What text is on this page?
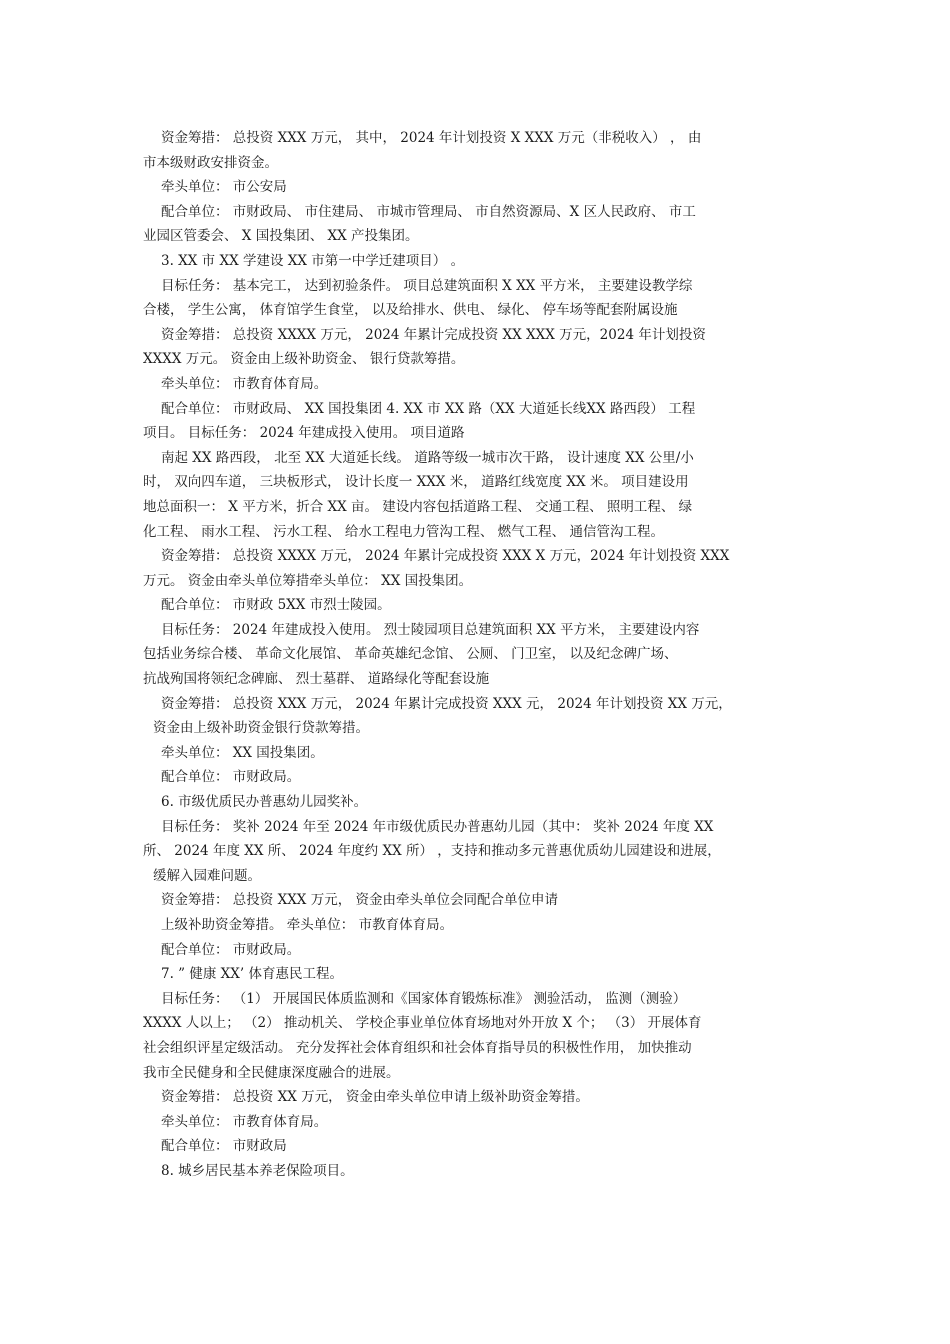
资金筹措： 总投资 XXX 万元， 其中， 2024 年计划投资 X XXX 万元（非税收入） ， 由
市本级财政安排资金。
牵头单位： 市公安局
配合单位： 市财政局、 市住建局、 市城市管理局、 市自然资源局、X 区人民政府、 市工
业园区管委会、 X 国投集团、 XX 产投集团。
3. XX 市 XX 学建设 XX 市第一中学迁建项目） 。
目标任务： 基本完工， 达到初验条件。 项目总建筑面积 X XX 平方米， 主要建设教学综
合楼， 学生公寓， 体育馆学生食堂， 以及给排水、供电、 绿化、 停车场等配套附属设施
资金筹措： 总投资 XXXX 万元， 2024 年累计完成投资 XX XXX 万元，2024 年计划投资
XXXX 万元。 资金由上级补助资金、 银行贷款筹措。
牵头单位： 市教育体育局。
配合单位： 市财政局、 XX 国投集团 4. XX 市 XX 路（XX 大道延长线XX 路西段） 工程
项目。 目标任务： 2024 年建成投入使用。 项目道路
南起 XX 路西段， 北至 XX 大道延长线。 道路等级一城市次干路， 设计速度 XX 公里/小
时， 双向四车道， 三块板形式， 设计长度一 XXX 米， 道路红线宽度 XX 米。 项目建设用
地总面积一： X 平方米，折合 XX 亩。 建设内容包括道路工程、 交通工程、 照明工程、 绿
化工程、 雨水工程、 污水工程、 给水工程电力管沟工程、 燃气工程、 通信管沟工程。
资金筹措： 总投资 XXXX 万元， 2024 年累计完成投资 XXX X 万元，2024 年计划投资 XXX
万元。 资金由牵头单位筹措牵头单位： XX 国投集团。
配合单位： 市财政 5XX 市烈士陵园。
目标任务： 2024 年建成投入使用。 烈士陵园项目总建筑面积 XX 平方米， 主要建设内容
包括业务综合楼、 革命文化展馆、 革命英雄纪念馆、 公厕、 门卫室， 以及纪念碑广场、
抗战殉国将领纪念碑廊、 烈士墓群、 道路绿化等配套设施
资金筹措： 总投资 XXX 万元， 2024 年累计完成投资 XXX 元， 2024 年计划投资 XX 万元，
资金由上级补助资金银行贷款筹措。
牵头单位： XX 国投集团。
配合单位： 市财政局。
6. 市级优质民办普惠幼儿园奖补。
目标任务： 奖补 2024 年至 2024 年市级优质民办普惠幼儿园（其中： 奖补 2024 年度 XX
所、 2024 年度 XX 所、 2024 年度约 XX 所） ，支持和推动多元普惠优质幼儿园建设和进展，
缓解入园难问题。
资金筹措： 总投资 XXX 万元， 资金由牵头单位会同配合单位申请
上级补助资金筹措。 牵头单位： 市教育体育局。
配合单位： 市财政局。
7. ” 健康 XX’ 体育惠民工程。
目标任务： （1） 开展国民体质监测和《国家体育锻炼标准》 测验活动， 监测（测验）
XXXX 人以上； （2） 推动机关、 学校企事业单位体育场地对外开放 X 个； （3） 开展体育
社会组织评星定级活动。 充分发挥社会体育组织和社会体育指导员的积极性作用， 加快推动
我市全民健身和全民健康深度融合的进展。
资金筹措： 总投资 XX 万元， 资金由牵头单位申请上级补助资金筹措。
牵头单位： 市教育体育局。
配合单位： 市财政局
8. 城乡居民基本养老保险项目。
